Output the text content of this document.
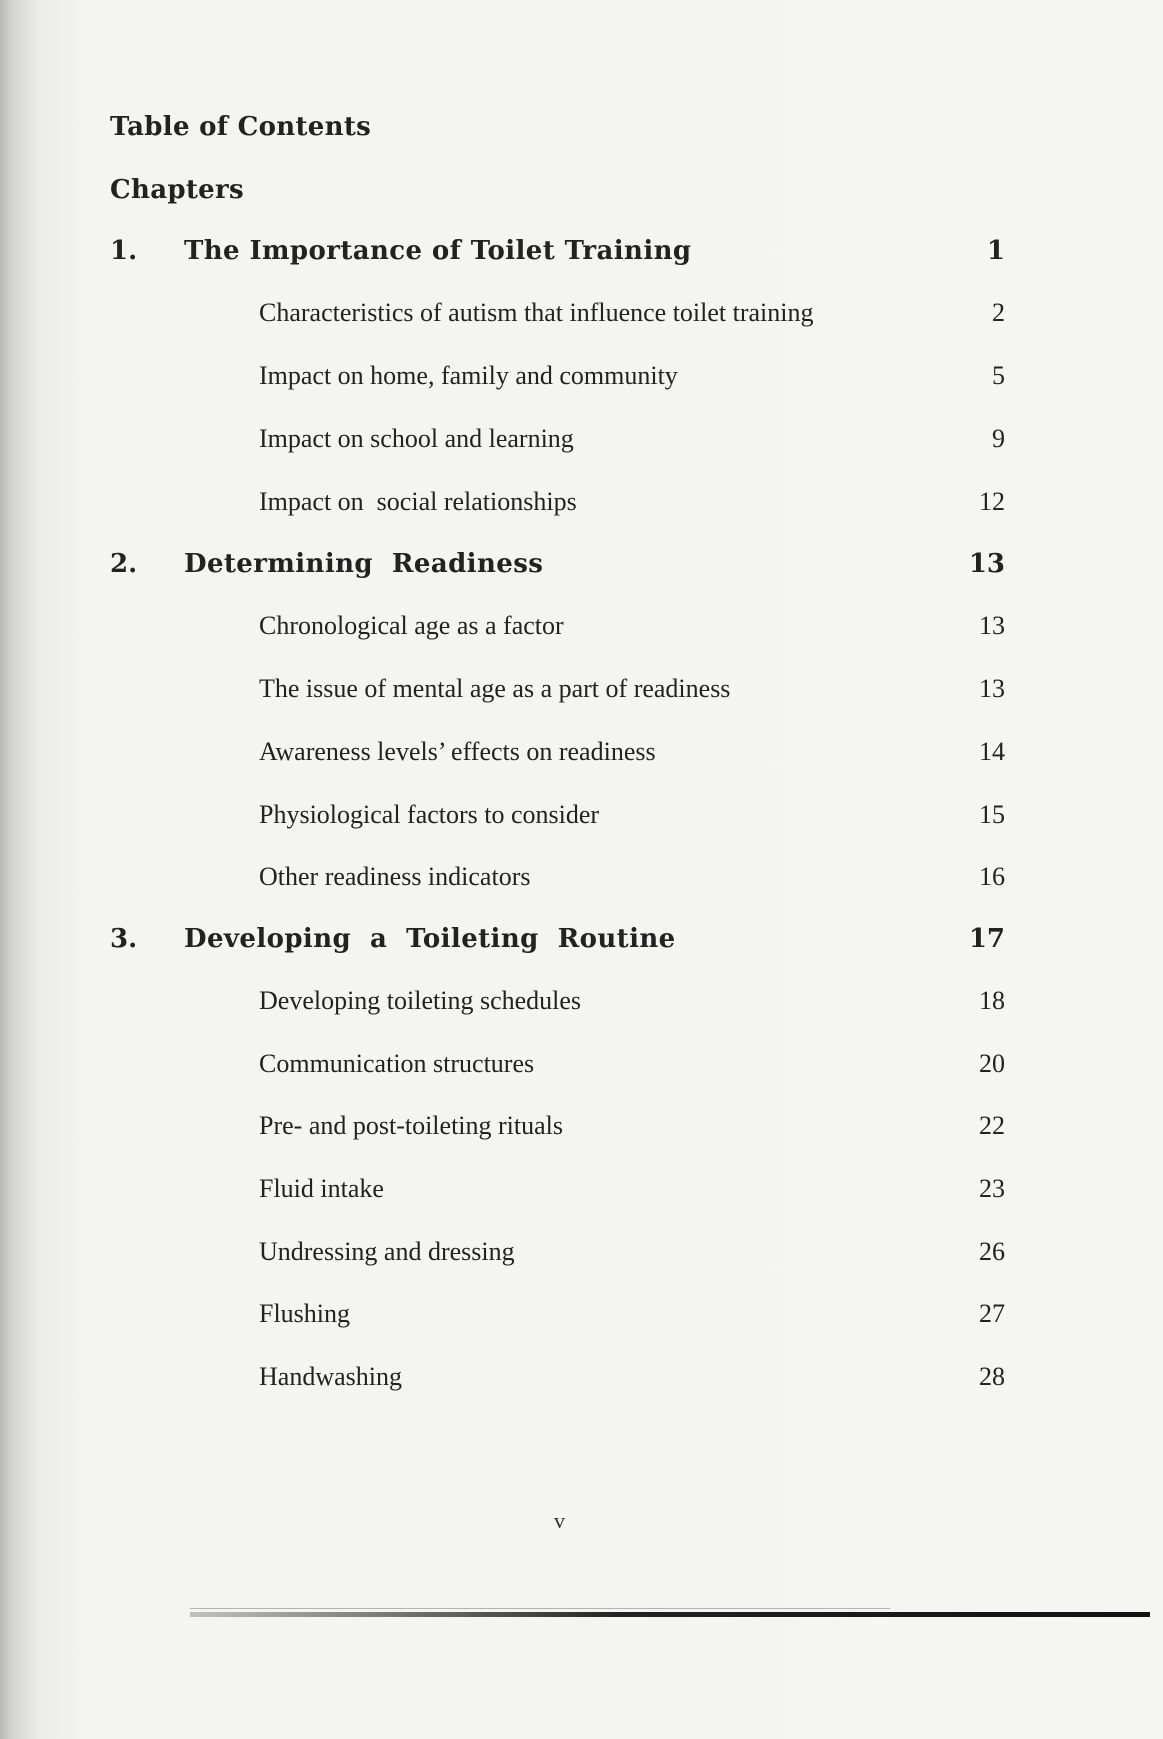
Table of Contents
Chapters
1. The Importance of Toilet Training	1
Characteristics of autism that influence toilet training	2
Impact on home, family and community	5
Impact on school and learning	9
Impact on  social relationships	12
2. Determining  Readiness	13
Chronological age as a factor	13
The issue of mental age as a part of readiness	13
Awareness levels’ effects on readiness	14
Physiological factors to consider	15
Other readiness indicators	16
3. Developing  a  Toileting  Routine	17
Developing toileting schedules	18
Communication structures	20
Pre- and post-toileting rituals	22
Fluid intake	23
Undressing and dressing	26
Flushing	27
Handwashing	28
v
